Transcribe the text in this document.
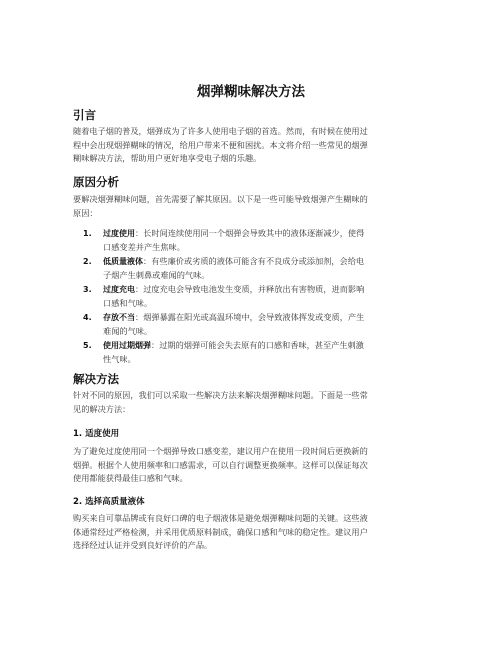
烟弹糊味解决方法
引言
随着电子烟的普及，烟弹成为了许多人使用电子烟的首选。然而，有时候在使用过
程中会出现烟弹糊味的情况，给用户带来不便和困扰。本文将介绍一些常见的烟弹
糊味解决方法，帮助用户更好地享受电子烟的乐趣。
原因分析
要解决烟弹糊味问题，首先需要了解其原因。以下是一些可能导致烟弹产生糊味的
原因：
1. 过度使用：长时间连续使用同一个烟弹会导致其中的液体逐渐减少，使得
口感变差并产生焦味。
2. 低质量液体：有些廉价或劣质的液体可能含有不良成分或添加剂，会给电
子烟产生刺鼻或难闻的气味。
3. 过度充电：过度充电会导致电池发生变质，并释放出有害物质，进而影响
口感和气味。
4. 存放不当：烟弹暴露在阳光或高温环境中，会导致液体挥发或变质，产生
难闻的气味。
5. 使用过期烟弹：过期的烟弹可能会失去原有的口感和香味，甚至产生刺激
性气味。
解决方法
针对不同的原因，我们可以采取一些解决方法来解决烟弹糊味问题。下面是一些常
见的解决方法：
1. 适度使用
为了避免过度使用同一个烟弹导致口感变差，建议用户在使用一段时间后更换新的
烟弹。根据个人使用频率和口感需求，可以自行调整更换频率。这样可以保证每次
使用都能获得最佳口感和气味。
2. 选择高质量液体
购买来自可靠品牌或有良好口碑的电子烟液体是避免烟弹糊味问题的关键。这些液
体通常经过严格检测，并采用优质原料制成，确保口感和气味的稳定性。建议用户
选择经过认证并受到良好评价的产品。
